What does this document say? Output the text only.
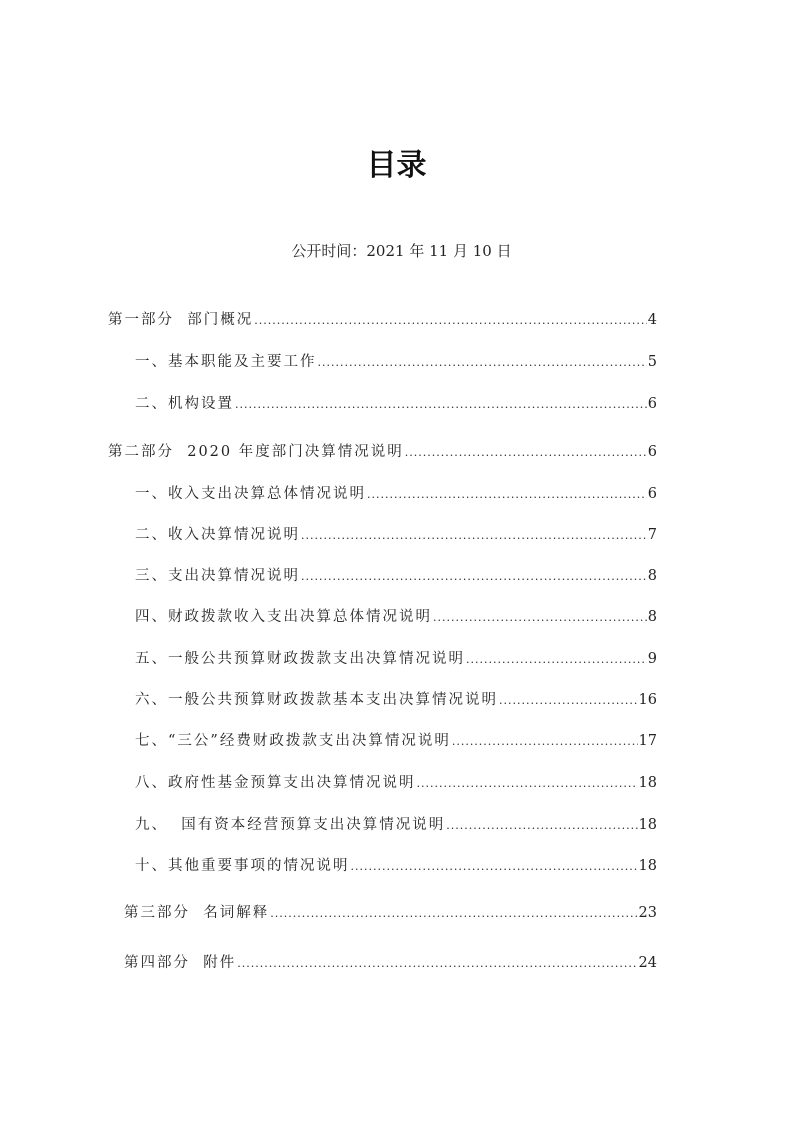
目录
公开时间：2021 年 11 月 10 日
第一部分  部门概况 .....	4
一、基本职能及主要工作 .....	5
二、机构设置 .....	6
第二部分  2020 年度部门决算情况说明 .....	6
一、收入支出决算总体情况说明 .....	6
二、收入决算情况说明 .....	7
三、支出决算情况说明 .....	8
四、财政拨款收入支出决算总体情况说明 .....	8
五、一般公共预算财政拨款支出决算情况说明 .....	9
六、一般公共预算财政拨款基本支出决算情况说明 .....	16
七、“三公”经费财政拨款支出决算情况说明 .....	17
八、政府性基金预算支出决算情况说明 .....	18
九、  国有资本经营预算支出决算情况说明 .....	18
十、其他重要事项的情况说明 .....	18
第三部分  名词解释 .....	23
第四部分  附件 .....	24
